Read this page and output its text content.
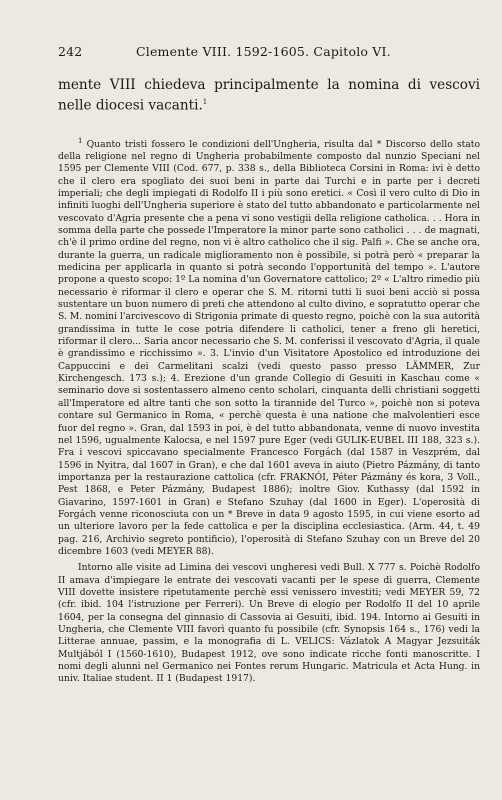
242	Clemente VIII. 1592-1605. Capitolo VI.

mente VIII chiedeva principalmente la nomina di vescovi nelle diocesi vacanti.$^1$

$^1$ Quanto tristi fossero le condizioni dell'Ungheria, risulta dal * Discorso dello stato della religione nel regno di Ungheria probabilmente composto dal nunzio Speciani nel 1595 per Clemente VIII (Cod. 677, p. 338 s., della Biblioteca Corsini in Roma: ivi è detto che il clero era spogliato dei suoi beni in parte dai Turchi e in parte per i decreti imperiali; che degli impiegati di Rodolfo II i più sono eretici. « Così il vero culto di Dio in infiniti luoghi dell'Ungheria superiore è stato del tutto abbandonato e particolarmente nel vescovato d'Agria presente che a pena vi sono vestigii della religione catholica. . . Hora in somma della parte che possede l'Imperatore la minor parte sono catholici . . . de magnati, ch'è il primo ordine del regno, non vi è altro catholico che il sig. Palfi ». Che se anche ora, durante la guerra, un radicale miglioramento non è possibile, si potrà però « preparar la medicina per applicarla in quanto si potrà secondo l'opportunità del tempo ». L'autore propone a questo scopo: 1º La nomina d'un Governatore cattolico; 2º « L'altro rimedio più necessario è riformar il clero e operar che S. M. ritorni tutti li suoi beni acciò si possa sustentare un buon numero di preti che attendono al culto divino, e sopratutto operar che S. M. nomini l'arcivescovo di Strigonia primate di questo regno, poichè con la sua autorità grandissima in tutte le cose potria difendere li catholici, tener a freno gli heretici, riformar il clero... Saria ancor necessario che S. M. conferissi il vescovato d'Agria, il quale è grandissimo e ricchissimo ». 3. L'invio d'un Visitatore Apostolico ed introduzione dei Cappuccini e dei Carmelitani scalzi (vedi questo passo presso LÄMMER, Zur Kirchengesch. 173 s.); 4. Erezione d'un grande Collegio di Gesuiti in Kaschau come « seminario dove si sostentassero almeno cento scholari, cinquanta delli christiani soggetti all'Imperatore ed altre tanti che son sotto la tirannide del Turco », poichè non si poteva contare sul Germanico in Roma, « perchè questa è una natione che malvolentieri esce fuor del regno ». Gran, dal 1593 in poi, è del tutto abbandonata, venne di nuovo investita nel 1596, ugualmente Kalocsa, e nel 1597 pure Eger (vedi GULIK-EUBEL III 188, 323 s.). Fra i vescovi spiccavano specialmente Francesco Forgách (dal 1587 in Veszprém, dal 1596 in Nyitra, dal 1607 in Gran), e che dal 1601 aveva in aiuto (Pietro Pázmány, di tanto importanza per la restaurazione cattolica (cfr. FRAKNÓI, Péter Pázmány és kora, 3 Voll., Pest 1868, e Peter Pázmány, Budapest 1886); inoltre Giov. Kuthassy (dal 1592 in Giavarino, 1597-1601 in Gran) e Stefano Szuhay (dal 1600 in Eger). L'operosità di Forgách venne riconosciuta con un * Breve in data 9 agosto 1595, in cui viene esorto ad un ulteriore lavoro per la fede cattolica e per la disciplina ecclesiastica. (Arm. 44, t. 49 pag. 216, Archivio segreto pontificio), l'operosità di Stefano Szuhay con un Breve del 20 dicembre 1603 (vedi MEYER 88).

Intorno alle visite ad Limina dei vescovi ungheresi vedi Bull. X 777 s. Poichè Rodolfo II amava d'impiegare le entrate dei vescovati vacanti per le spese di guerra, Clemente VIII dovette insistere ripetutamente perchè essi venissero investiti; vedi MEYER 59, 72 (cfr. ibid. 104 l'istruzione per Ferreri). Un Breve di elogio per Rodolfo II del 10 aprile 1604, per la consegna del ginnasio di Cassovia ai Gesuiti, ibid. 194. Intorno ai Gesuiti in Ungheria, che Clemente VIII favorì quanto fu possibile (cfr. Synopsis 164 s., 176) vedi la Litterae annuae, passim, e la monografia di L. VELICS: Vázlatok A Magyar Jezsuiták Multjából I (1560-1610), Budapest 1912, ove sono indicate ricche fonti manoscritte. I nomi degli alunni nel Germanico nei Fontes rerum Hungaric. Matricula et Acta Hung. in univ. Italiae student. II 1 (Budapest 1917).
